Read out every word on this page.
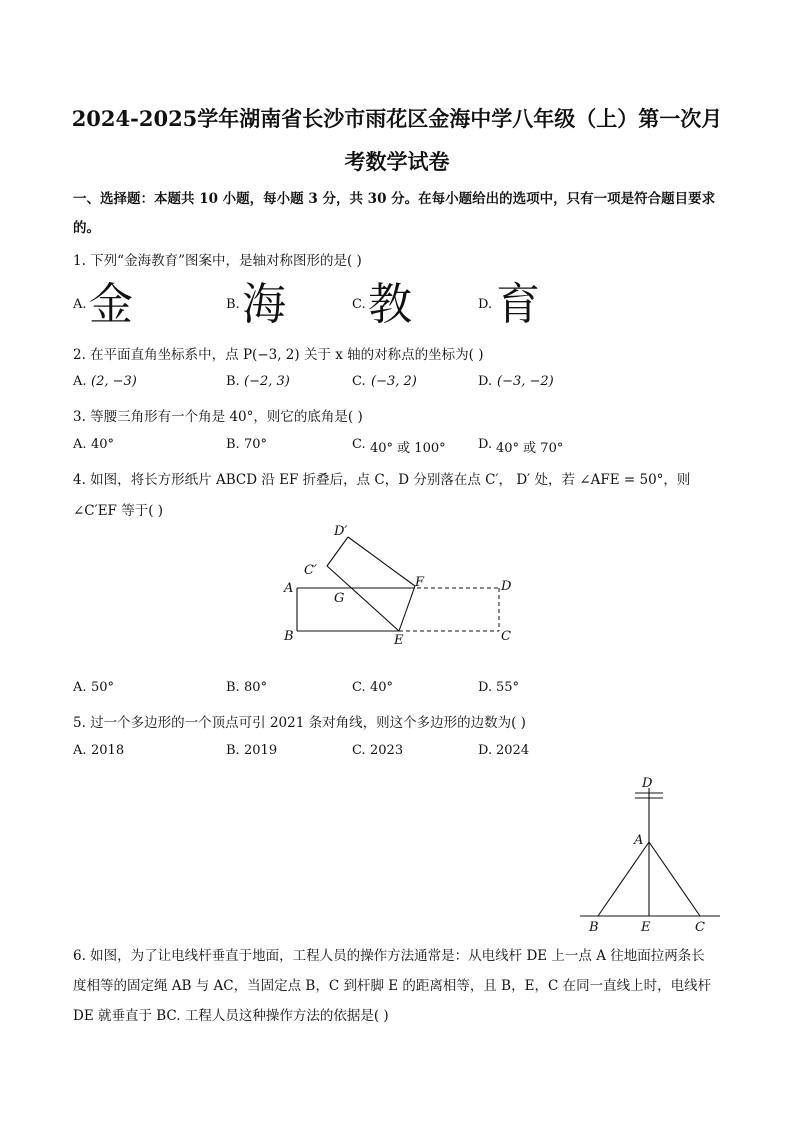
2024-2025学年湖南省长沙市雨花区金海中学八年级（上）第一次月
考数学试卷
一、选择题：本题共 10 小题，每小题 3 分，共 30 分。在每小题给出的选项中，只有一项是符合题目要求
的。
1. 下列“金海教育”图案中，是轴对称图形的是( )
A. 金	B. 海	C. 教	D. 育
2. 在平面直角坐标系中，点 P(−3, 2) 关于 x 轴的对称点的坐标为( )
A. (2, −3)	B. (−2, 3)	C. (−3, 2)	D. (−3, −2)
3. 等腰三角形有一个角是 40°，则它的底角是( )
A. 40°	B. 70°	C. 40° 或 100° D. 40° 或 70°
4. 如图，将长方形纸片 ABCD 沿 EF 折叠后，点 C，D 分别落在点 C′， D′ 处，若 ∠AFE = 50°，则
∠C′EF 等于( )
A
B	C
D
E
F
G
C′
D′
A. 50°	B. 80°	C. 40°	D. 55°
5. 过一个多边形的一个顶点可引 2021 条对角线，则这个多边形的边数为( )
A. 2018	B. 2019	C. 2023	D. 2024
D
A
B	E	C
6. 如图，为了让电线杆垂直于地面，工程人员的操作方法通常是：从电线杆 DE 上一点 A 往地面拉两条长
度相等的固定绳 AB 与 AC，当固定点 B，C 到杆脚 E 的距离相等，且 B，E，C 在同一直线上时，电线杆
DE 就垂直于 BC. 工程人员这种操作方法的依据是( )
